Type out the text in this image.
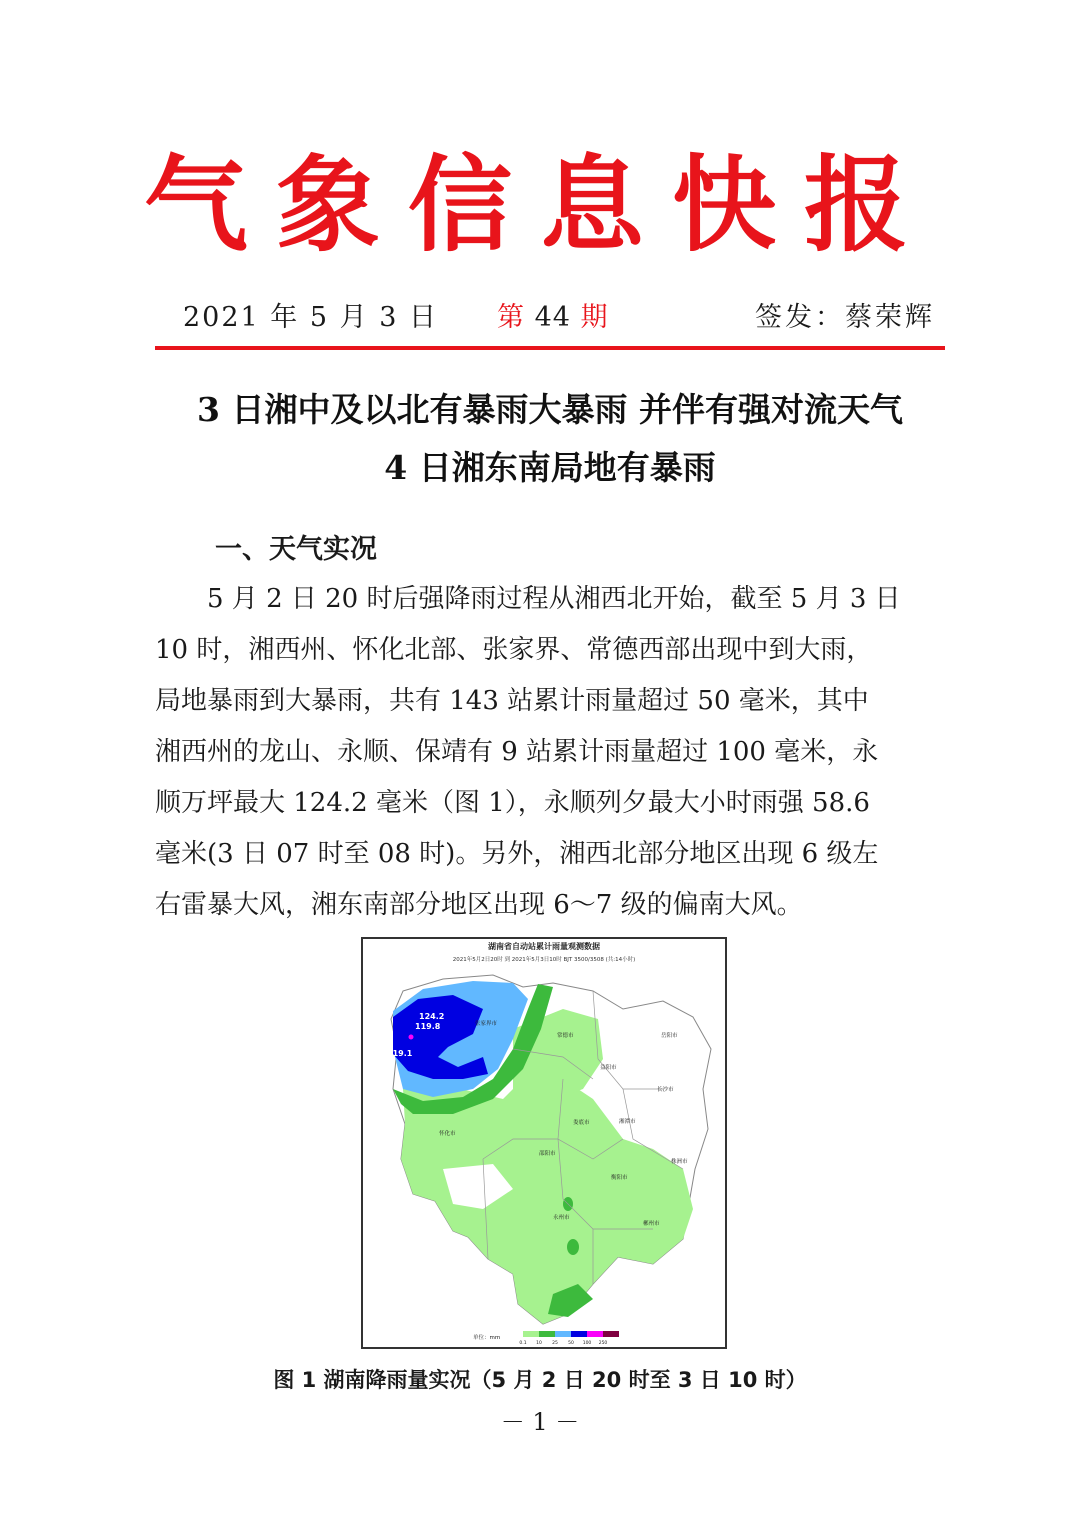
气象信息快报
2021 年 5 月 3 日 第 44 期	签发：蔡荣辉
3 日湘中及以北有暴雨大暴雨 并伴有强对流天气
4 日湘东南局地有暴雨
一、天气实况
　　5 月 2 日 20 时后强降雨过程从湘西北开始，截至 5 月 3 日
10 时，湘西州、怀化北部、张家界、常德西部出现中到大雨，
局地暴雨到大暴雨，共有 143 站累计雨量超过 50 毫米，其中
湘西州的龙山、永顺、保靖有 9 站累计雨量超过 100 毫米，永
顺万坪最大 124.2 毫米（图 1），永顺列夕最大小时雨强 58.6
毫米(3 日 07 时至 08 时)。另外，湘西北部分地区出现 6 级左
右雷暴大风，湘东南部分地区出现 6～7 级的偏南大风。
湖南省自动站累计雨量观测数据
2021年5月2日20时 到 2021年5月3日10时 BJT 3500/3508 (共:14小时)
124.2
119.8
119.1
张家界市
常德市	岳阳市
益阳市
长沙市
怀化市
娄底市	湘潭市
邵阳市
株洲市
衡阳市
永州市
郴州市
单位：mm
0.1 10 25 50 100 250
图 1 湖南降雨量实况（5 月 2 日 20 时至 3 日 10 时）
－ 1 －
